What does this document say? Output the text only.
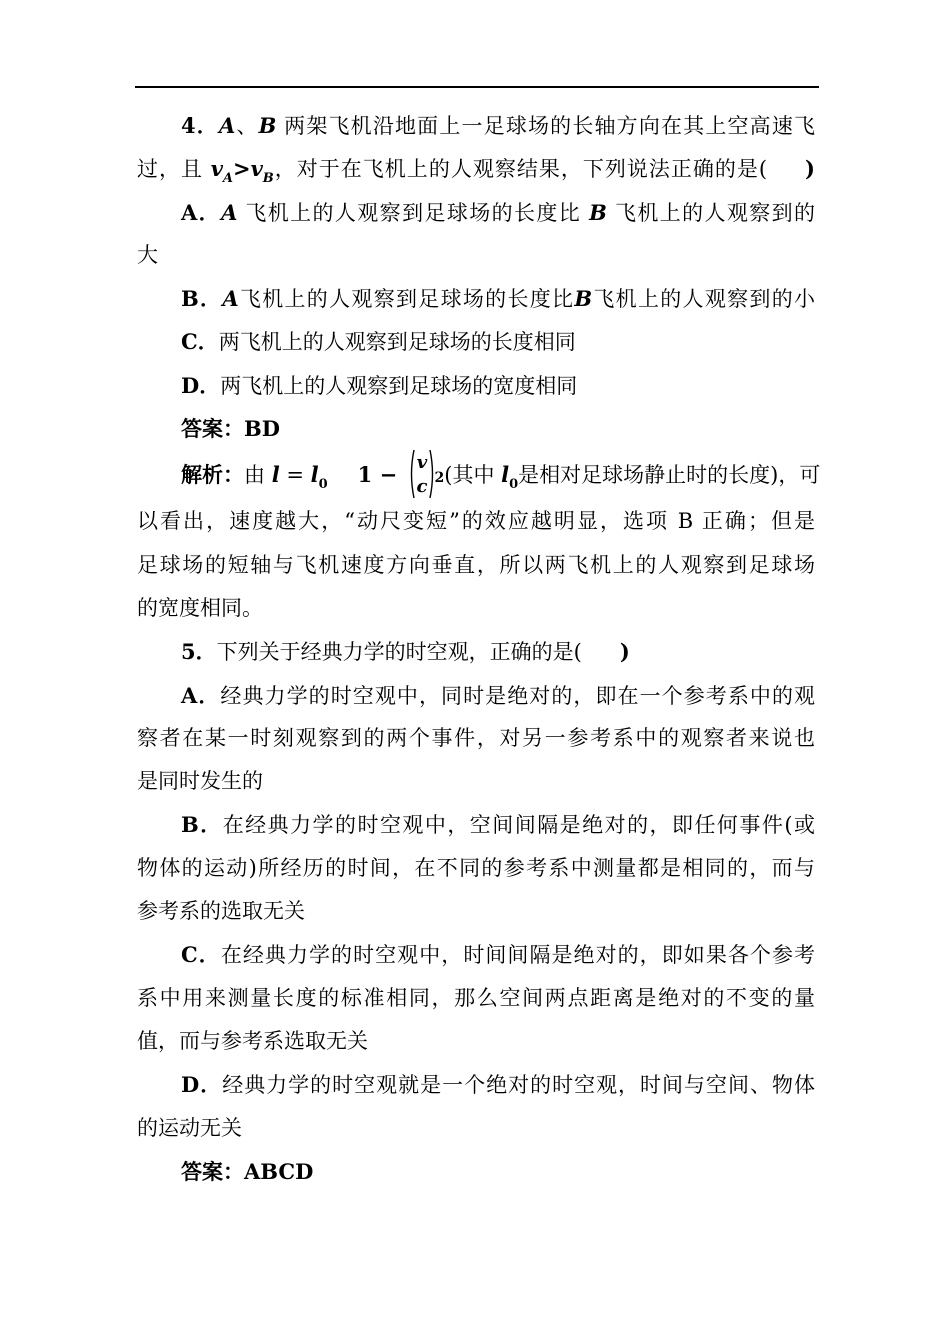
4．A、B 两架飞机沿地面上一足球场的长轴方向在其上空高速飞
过，且 $v_A>v_B$，对于在飞机上的人观察结果，下列说法正确的是( )
A．A 飞机上的人观察到足球场的长度比 B 飞机上的人观察到的
大
B．A飞机上的人观察到足球场的长度比B飞机上的人观察到的小
C．两飞机上的人观察到足球场的长度相同
D．两飞机上的人观察到足球场的宽度相同
答案：BD
解析：由 $l = l_0$ 1 − v
c 2(其中 $l_0$是相对足球场静止时的长度)，可
以看出，速度越大，“动尺变短”的效应越明显，选项 B 正确；但是
足球场的短轴与飞机速度方向垂直，所以两飞机上的人观察到足球场
的宽度相同。
5．下列关于经典力学的时空观，正确的是( )
A．经典力学的时空观中，同时是绝对的，即在一个参考系中的观
察者在某一时刻观察到的两个事件，对另一参考系中的观察者来说也
是同时发生的
B．在经典力学的时空观中，空间间隔是绝对的，即任何事件(或
物体的运动)所经历的时间，在不同的参考系中测量都是相同的，而与
参考系的选取无关
C．在经典力学的时空观中，时间间隔是绝对的，即如果各个参考
系中用来测量长度的标准相同，那么空间两点距离是绝对的不变的量
值，而与参考系选取无关
D．经典力学的时空观就是一个绝对的时空观，时间与空间、物体
的运动无关
答案：ABCD
